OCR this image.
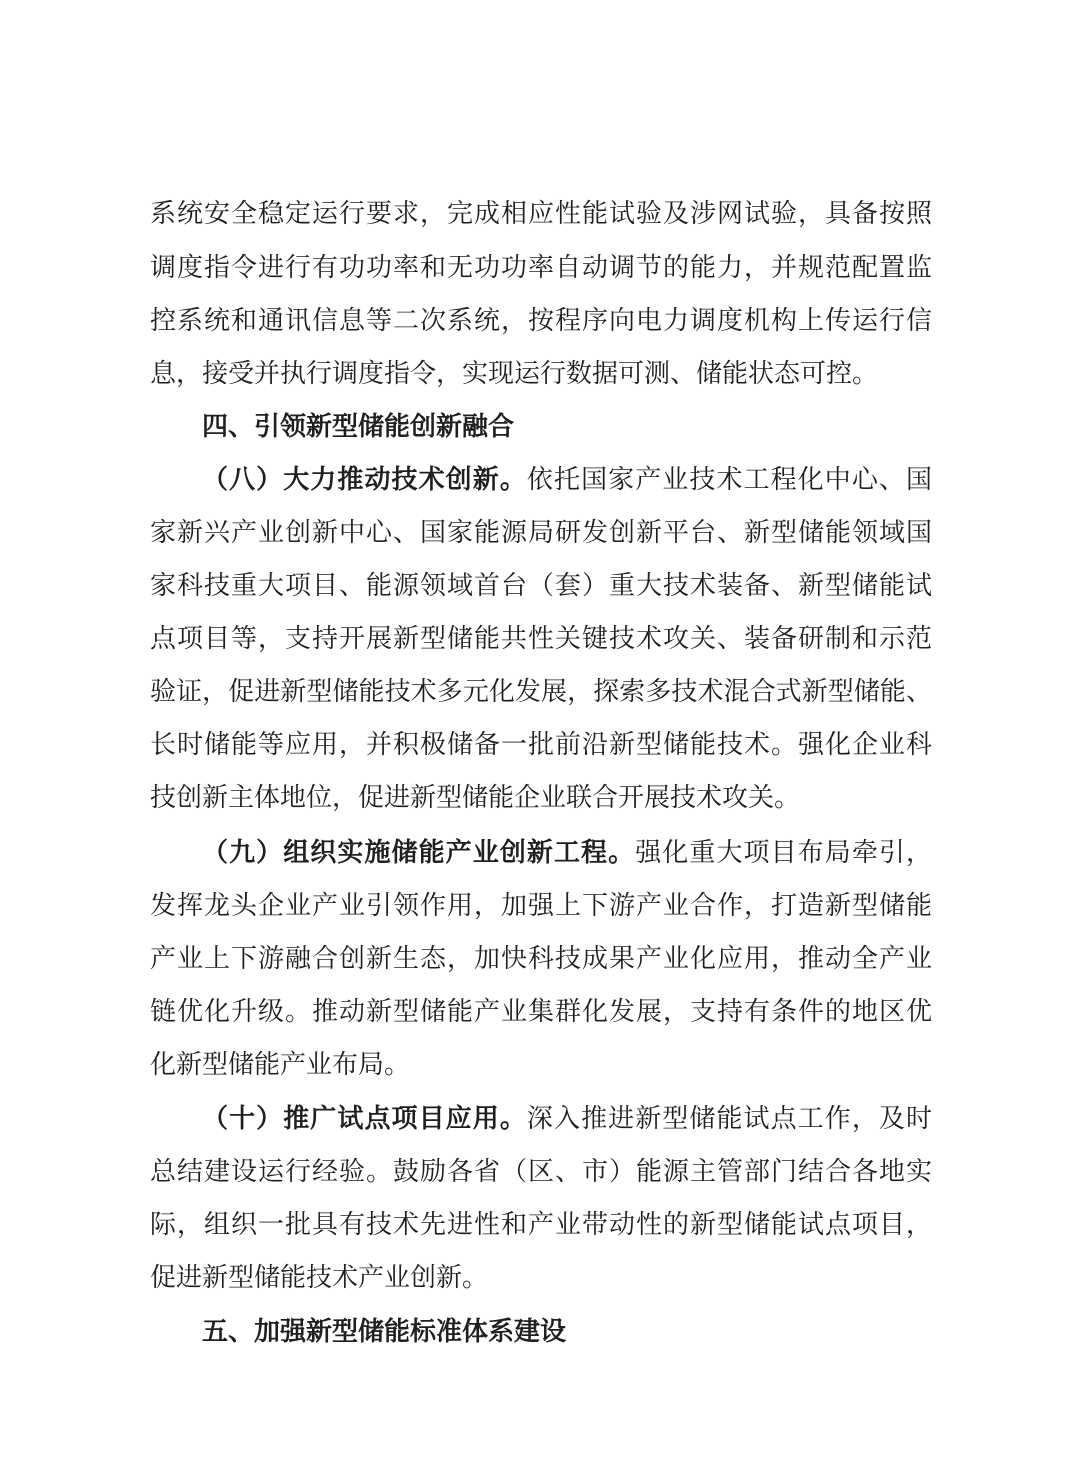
系统安全稳定运行要求，完成相应性能试验及涉网试验，具备按照
调度指令进行有功功率和无功功率自动调节的能力，并规范配置监
控系统和通讯信息等二次系统，按程序向电力调度机构上传运行信
息，接受并执行调度指令，实现运行数据可测、储能状态可控。
四、引领新型储能创新融合
（八）大力推动技术创新。依托国家产业技术工程化中心、国
家新兴产业创新中心、国家能源局研发创新平台、新型储能领域国
家科技重大项目、能源领域首台（套）重大技术装备、新型储能试
点项目等，支持开展新型储能共性关键技术攻关、装备研制和示范
验证，促进新型储能技术多元化发展，探索多技术混合式新型储能、
长时储能等应用，并积极储备一批前沿新型储能技术。强化企业科
技创新主体地位，促进新型储能企业联合开展技术攻关。
（九）组织实施储能产业创新工程。强化重大项目布局牵引，
发挥龙头企业产业引领作用，加强上下游产业合作，打造新型储能
产业上下游融合创新生态，加快科技成果产业化应用，推动全产业
链优化升级。推动新型储能产业集群化发展，支持有条件的地区优
化新型储能产业布局。
（十）推广试点项目应用。深入推进新型储能试点工作，及时
总结建设运行经验。鼓励各省（区、市）能源主管部门结合各地实
际，组织一批具有技术先进性和产业带动性的新型储能试点项目，
促进新型储能技术产业创新。
五、加强新型储能标准体系建设
